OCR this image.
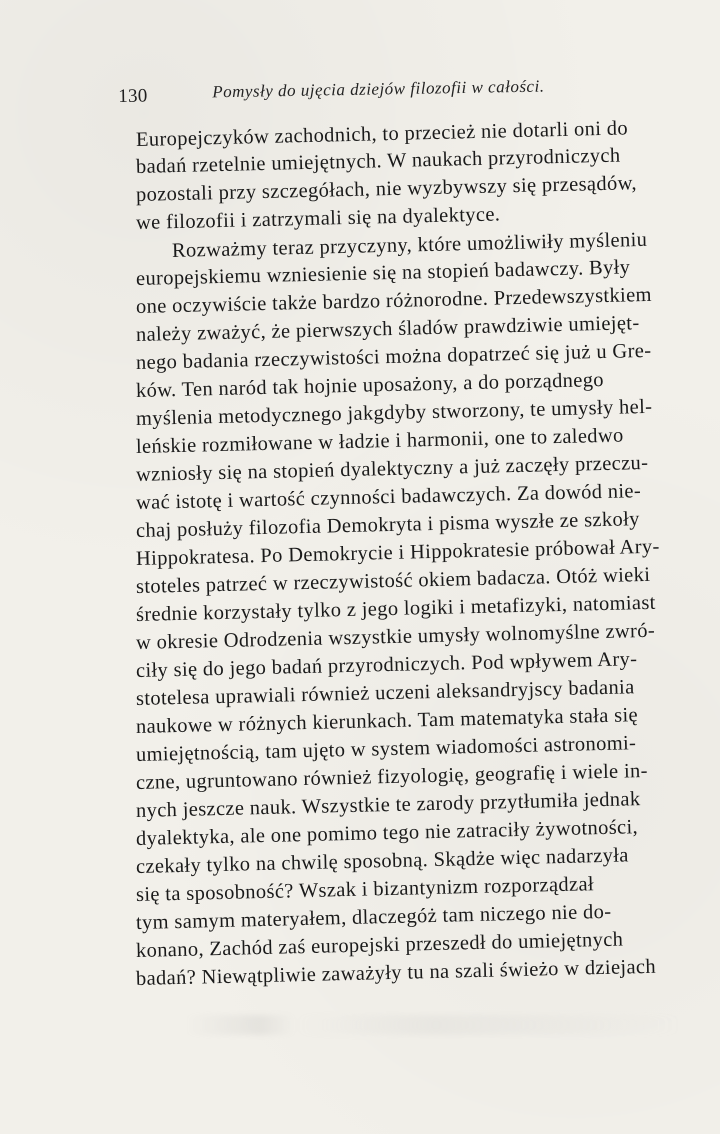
130	Pomysły do ujęcia dziejów filozofii w całości.
Europejczyków zachodnich, to przecież nie dotarli oni do
badań rzetelnie umiejętnych. W naukach przyrodniczych
pozostali przy szczegółach, nie wyzbywszy się przesądów,
we filozofii i zatrzymali się na dyalektyce.
Rozważmy teraz przyczyny, które umożliwiły myśleniu
europejskiemu wzniesienie się na stopień badawczy. Były
one oczywiście także bardzo różnorodne. Przedewszystkiem
należy zważyć, że pierwszych śladów prawdziwie umiejęt-
nego badania rzeczywistości można dopatrzeć się już u Gre-
ków. Ten naród tak hojnie uposażony, a do porządnego
myślenia metodycznego jakgdyby stworzony, te umysły hel-
leńskie rozmiłowane w ładzie i harmonii, one to zaledwo
wzniosły się na stopień dyalektyczny a już zaczęły przeczu-
wać istotę i wartość czynności badawczych. Za dowód nie-
chaj posłuży filozofia Demokryta i pisma wyszłe ze szkoły
Hippokratesa. Po Demokrycie i Hippokratesie próbował Ary-
stoteles patrzeć w rzeczywistość okiem badacza. Otóż wieki
średnie korzystały tylko z jego logiki i metafizyki, natomiast
w okresie Odrodzenia wszystkie umysły wolnomyślne zwró-
ciły się do jego badań przyrodniczych. Pod wpływem Ary-
stotelesa uprawiali również uczeni aleksandryjscy badania
naukowe w różnych kierunkach. Tam matematyka stała się
umiejętnością, tam ujęto w system wiadomości astronomi-
czne, ugruntowano również fizyologię, geografię i wiele in-
nych jeszcze nauk. Wszystkie te zarody przytłumiła jednak
dyalektyka, ale one pomimo tego nie zatraciły żywotności,
czekały tylko na chwilę sposobną. Skądże więc nadarzyła
się ta sposobność? Wszak i bizantynizm rozporządzał
tym samym materyałem, dlaczegóż tam niczego nie do-
konano, Zachód zaś europejski przeszedł do umiejętnych
badań? Niewątpliwie zaważyły tu na szali świeżo w dziejach
